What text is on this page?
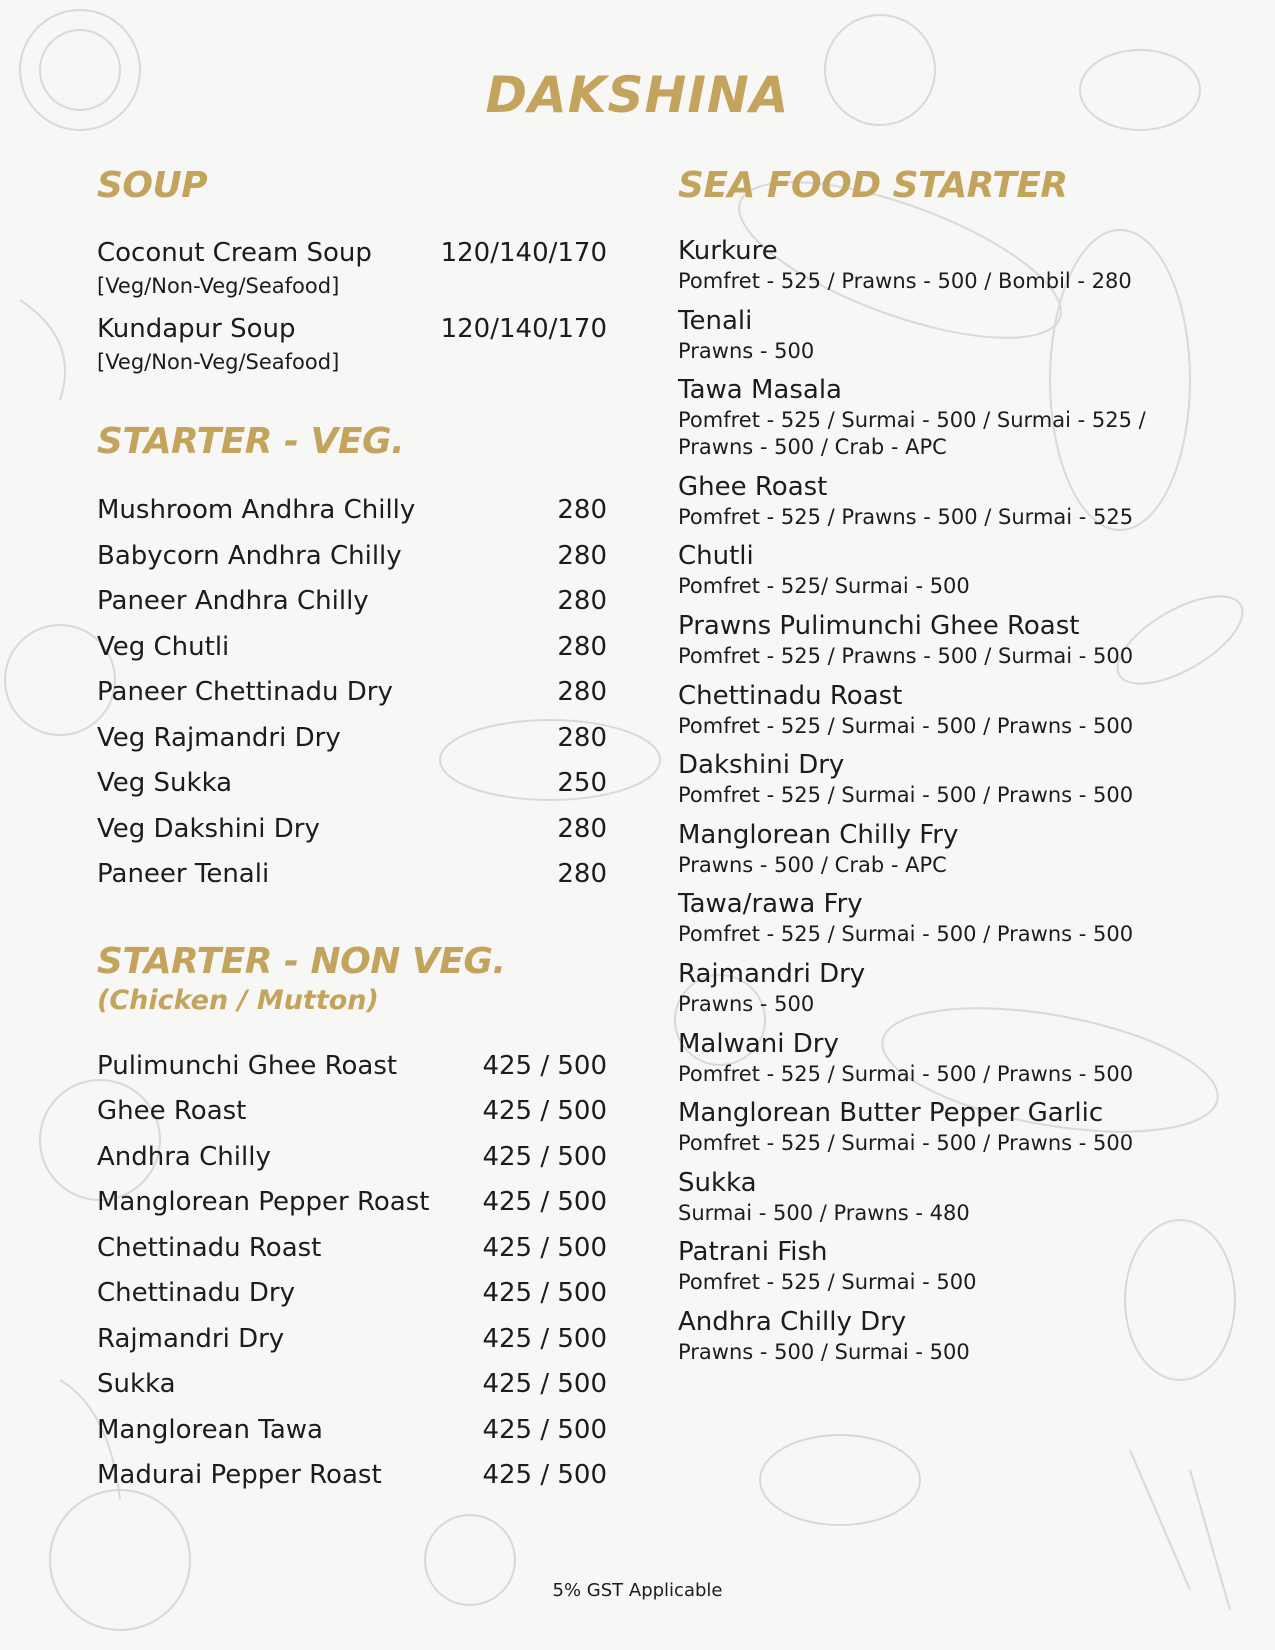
DAKSHINA
SOUP
Coconut Cream Soup	120/140/170
[Veg/Non-Veg/Seafood]
Kundapur Soup	120/140/170
[Veg/Non-Veg/Seafood]
STARTER - VEG.
Mushroom Andhra Chilly	280
Babycorn Andhra Chilly	280
Paneer Andhra Chilly	280
Veg Chutli	280
Paneer Chettinadu Dry	280
Veg Rajmandri Dry	280
Veg Sukka	250
Veg Dakshini Dry	280
Paneer Tenali	280
STARTER - NON VEG.
(Chicken / Mutton)
Pulimunchi Ghee Roast	425 / 500
Ghee Roast	425 / 500
Andhra Chilly	425 / 500
Manglorean Pepper Roast 425 / 500
Chettinadu Roast	425 / 500
Chettinadu Dry	425 / 500
Rajmandri Dry	425 / 500
Sukka	425 / 500
Manglorean Tawa	425 / 500
Madurai Pepper Roast	425 / 500
SEA FOOD STARTER
Kurkure
Pomfret - 525 / Prawns - 500 / Bombil - 280
Tenali
Prawns - 500
Tawa Masala
Pomfret - 525 / Surmai - 500 / Surmai - 525 / Prawns - 500 / Crab - APC
Ghee Roast
Pomfret - 525 / Prawns - 500 / Surmai - 525
Chutli
Pomfret - 525/ Surmai - 500
Prawns Pulimunchi Ghee Roast
Pomfret - 525 / Prawns - 500 / Surmai - 500
Chettinadu Roast
Pomfret - 525 / Surmai - 500 / Prawns - 500
Dakshini Dry
Pomfret - 525 / Surmai - 500 / Prawns - 500
Manglorean Chilly Fry
Prawns - 500 / Crab - APC
Tawa/rawa Fry
Pomfret - 525 / Surmai - 500 / Prawns - 500
Rajmandri Dry
Prawns - 500
Malwani Dry
Pomfret - 525 / Surmai - 500 / Prawns - 500
Manglorean Butter Pepper Garlic
Pomfret - 525 / Surmai - 500 / Prawns - 500
Sukka
Surmai - 500 / Prawns - 480
Patrani Fish
Pomfret - 525 / Surmai - 500
Andhra Chilly Dry
Prawns - 500 / Surmai - 500
5% GST Applicable
